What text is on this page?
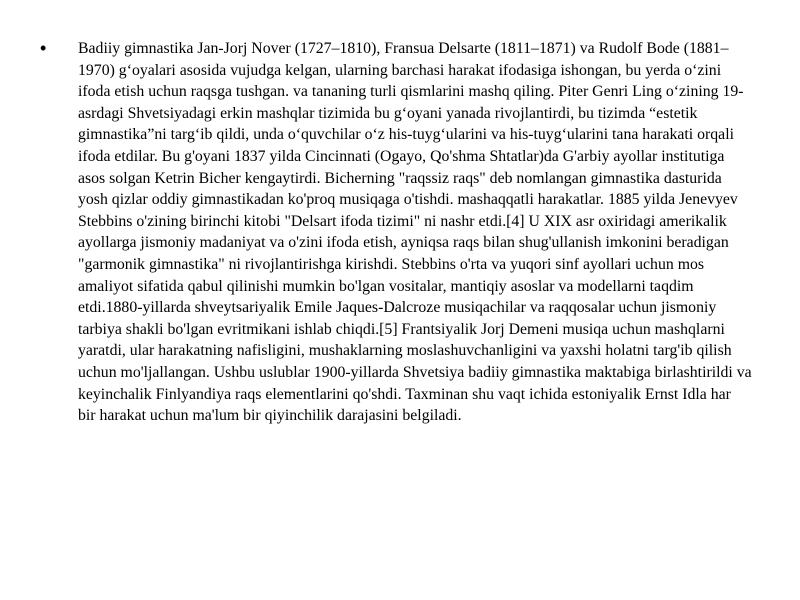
• Badiiy gimnastika Jan-Jorj Nover (1727–1810), Fransua Delsarte (1811–1871) va Rudolf Bode (1881–1970) g‘oyalari asosida vujudga kelgan, ularning barchasi harakat ifodasiga ishongan, bu yerda o‘zini ifoda etish uchun raqsga tushgan. va tananing turli qismlarini mashq qiling. Piter Genri Ling o‘zining 19-asrdagi Shvetsiyadagi erkin mashqlar tizimida bu g‘oyani yanada rivojlantirdi, bu tizimda “estetik gimnastika”ni targ‘ib qildi, unda o‘quvchilar o‘z his-tuyg‘ularini va his-tuyg‘ularini tana harakati orqali ifoda etdilar. Bu g'oyani 1837 yilda Cincinnati (Ogayo, Qo'shma Shtatlar)da G'arbiy ayollar institutiga asos solgan Ketrin Bicher kengaytirdi. Bicherning "raqssiz raqs" deb nomlangan gimnastika dasturida yosh qizlar oddiy gimnastikadan ko'proq musiqaga o'tishdi. mashaqqatli harakatlar. 1885 yilda Jenevyev Stebbins o'zining birinchi kitobi "Delsart ifoda tizimi" ni nashr etdi.[4] U XIX asr oxiridagi amerikalik ayollarga jismoniy madaniyat va o'zini ifoda etish, ayniqsa raqs bilan shug'ullanish imkonini beradigan "garmonik gimnastika" ni rivojlantirishga kirishdi. Stebbins o'rta va yuqori sinf ayollari uchun mos amaliyot sifatida qabul qilinishi mumkin bo'lgan vositalar, mantiqiy asoslar va modellarni taqdim etdi.1880-yillarda shveytsariyalik Emile Jaques-Dalcroze musiqachilar va raqqosalar uchun jismoniy tarbiya shakli bo'lgan evritmikani ishlab chiqdi.[5] Frantsiyalik Jorj Demeni musiqa uchun mashqlarni yaratdi, ular harakatning nafisligini, mushaklarning moslashuvchanligini va yaxshi holatni targ'ib qilish uchun mo'ljallangan. Ushbu uslublar 1900-yillarda Shvetsiya badiiy gimnastika maktabiga birlashtirildi va keyinchalik Finlyandiya raqs elementlarini qo'shdi. Taxminan shu vaqt ichida estoniyalik Ernst Idla har bir harakat uchun ma'lum bir qiyinchilik darajasini belgiladi.
